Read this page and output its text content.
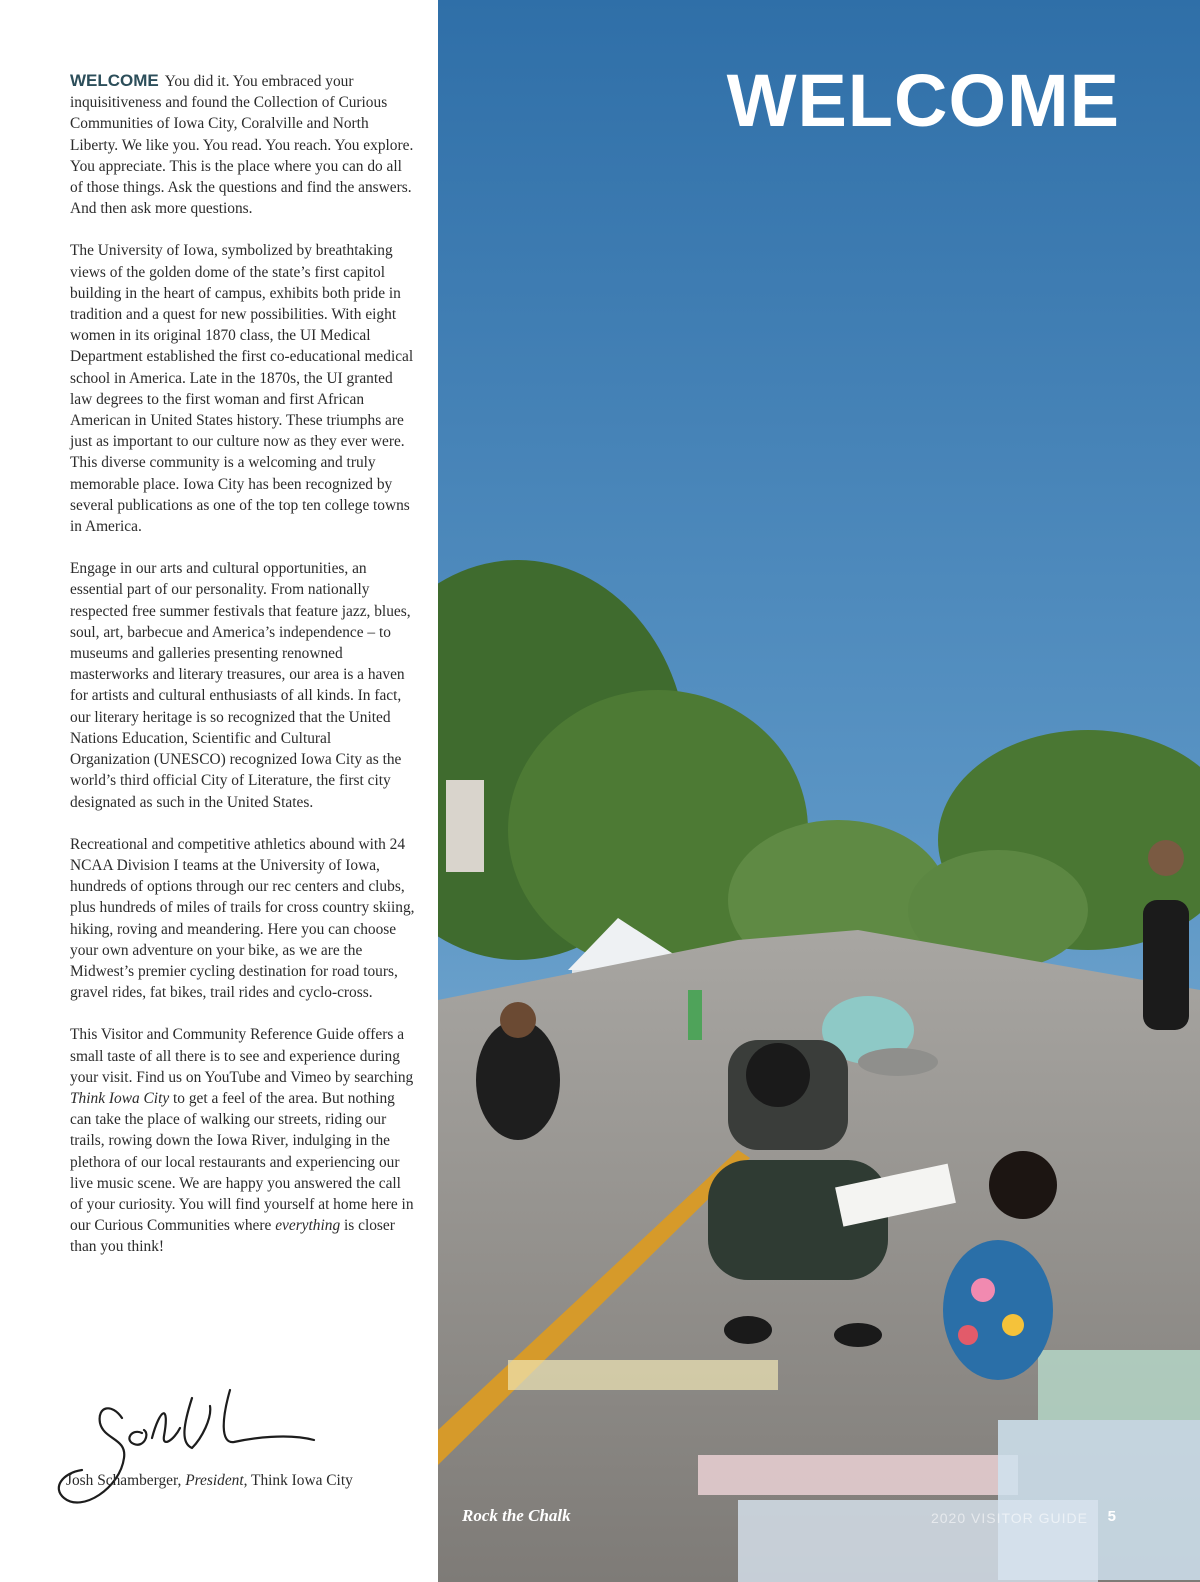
WELCOME You did it. You embraced your inquisitiveness and found the Collection of Curious Communities of Iowa City, Coralville and North Liberty. We like you. You read. You reach. You explore. You appreciate. This is the place where you can do all of those things. Ask the questions and find the answers. And then ask more questions.

The University of Iowa, symbolized by breathtaking views of the golden dome of the state’s first capitol building in the heart of campus, exhibits both pride in tradition and a quest for new possibilities. With eight women in its original 1870 class, the UI Medical Department established the first co-educational medical school in America. Late in the 1870s, the UI granted law degrees to the first woman and first African American in United States history. These triumphs are just as important to our culture now as they ever were. This diverse community is a welcoming and truly memorable place. Iowa City has been recognized by several publications as one of the top ten college towns in America.

Engage in our arts and cultural opportunities, an essential part of our personality. From nationally respected free summer festivals that feature jazz, blues, soul, art, barbecue and America’s independence – to museums and galleries presenting renowned masterworks and literary treasures, our area is a haven for artists and cultural enthusiasts of all kinds. In fact, our literary heritage is so recognized that the United Nations Education, Scientific and Cultural Organization (UNESCO) recognized Iowa City as the world’s third official City of Literature, the first city designated as such in the United States.

Recreational and competitive athletics abound with 24 NCAA Division I teams at the University of Iowa, hundreds of options through our rec centers and clubs, plus hundreds of miles of trails for cross country skiing, hiking, roving and meandering. Here you can choose your own adventure on your bike, as we are the Midwest’s premier cycling destination for road tours, gravel rides, fat bikes, trail rides and cyclo-cross.

This Visitor and Community Reference Guide offers a small taste of all there is to see and experience during your visit. Find us on YouTube and Vimeo by searching Think Iowa City to get a feel of the area. But nothing can take the place of walking our streets, riding our trails, rowing down the Iowa River, indulging in the plethora of our local restaurants and experiencing our live music scene. We are happy you answered the call of your curiosity. You will find yourself at home here in our Curious Communities where everything is closer than you think!

Josh Schamberger, President, Think Iowa City
WELCOME
Rock the Chalk	2020 VISITOR GUIDE 5
